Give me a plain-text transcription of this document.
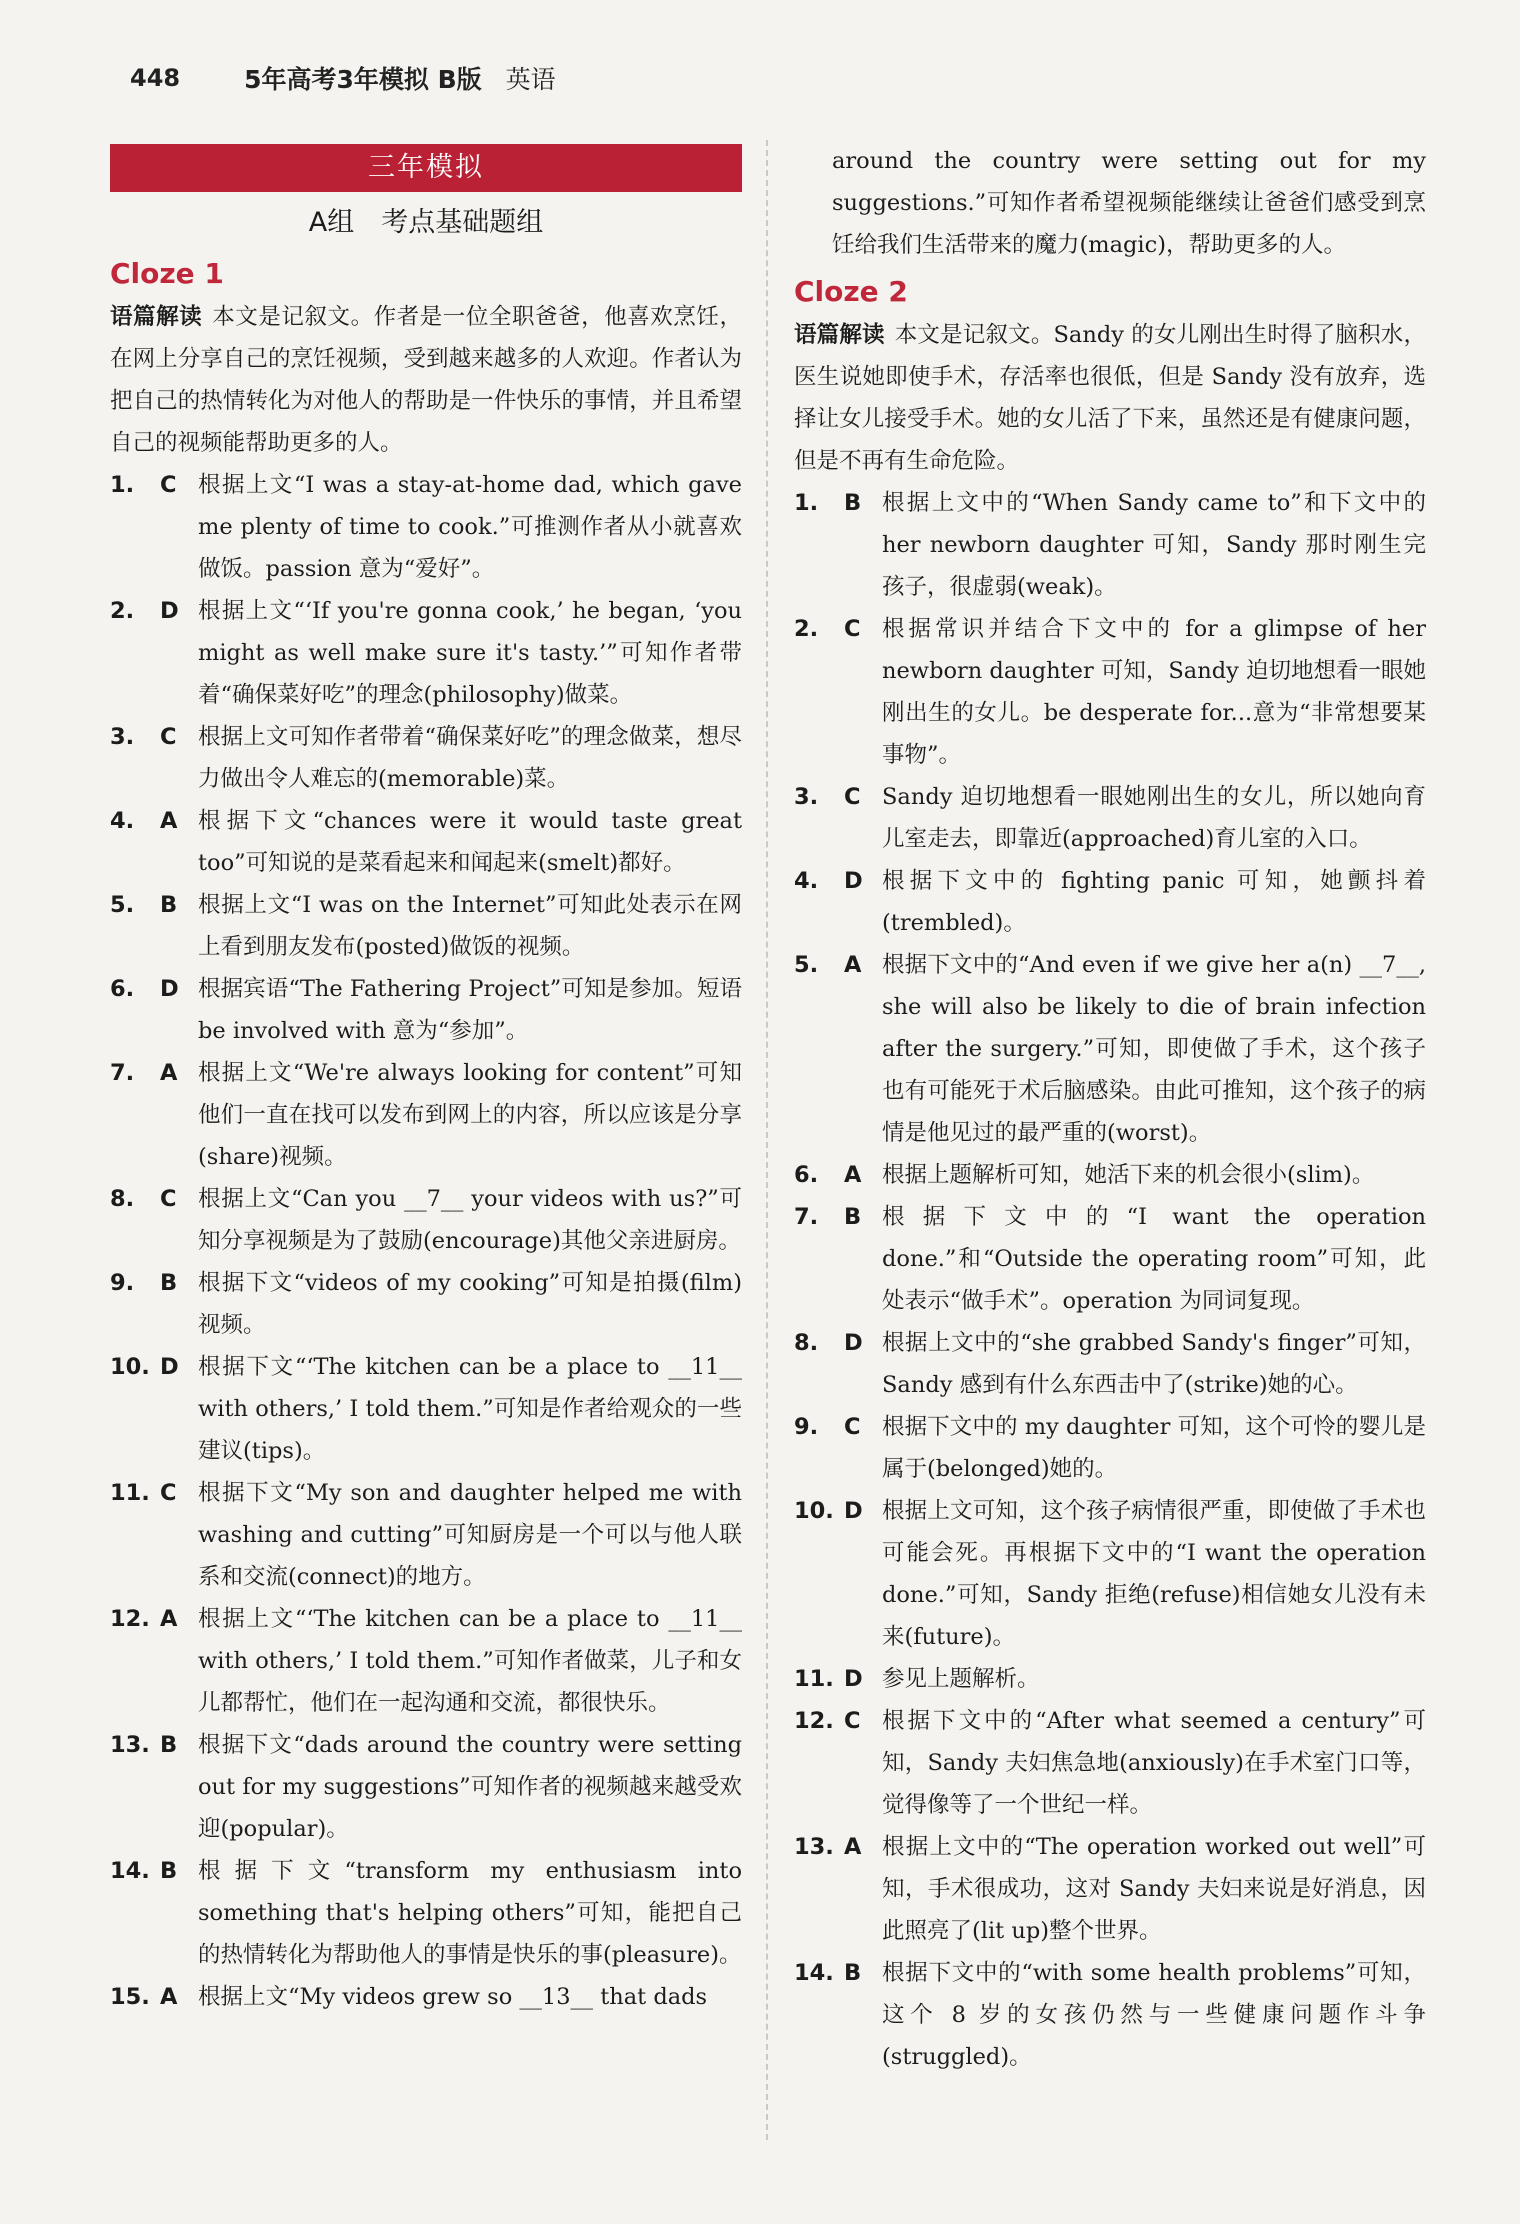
448	5年高考3年模拟 B版 英语
三年模拟
A组　考点基础题组
Cloze 1
语篇解读 本文是记叙文。作者是一位全职爸爸，他喜欢烹饪，在网上分享自己的烹饪视频，受到越来越多的人欢迎。作者认为把自己的热情转化为对他人的帮助是一件快乐的事情，并且希望自己的视频能帮助更多的人。
1.	C 根据上文“I was a stay-at-home dad, which gave me plenty of time to cook.”可推测作者从小就喜欢做饭。passion 意为“爱好”。
2.	D 根据上文“‘If you're gonna cook,’ he began, ‘you might as well make sure it's tasty.’”可知作者带着“确保菜好吃”的理念(philosophy)做菜。
3.	C 根据上文可知作者带着“确保菜好吃”的理念做菜，想尽力做出令人难忘的(memorable)菜。
4.	A 根据下文“chances were it would taste great too”可知说的是菜看起来和闻起来(smelt)都好。
5.	B 根据上文“I was on the Internet”可知此处表示在网上看到朋友发布(posted)做饭的视频。
6.	D 根据宾语“The Fathering Project”可知是参加。短语 be involved with 意为“参加”。
7.	A 根据上文“We're always looking for content”可知他们一直在找可以发布到网上的内容，所以应该是分享(share)视频。
8.	C 根据上文“Can you __7__ your videos with us?”可知分享视频是为了鼓励(encourage)其他父亲进厨房。
9.	B 根据下文“videos of my cooking”可知是拍摄(film)视频。
10. D 根据下文“‘The kitchen can be a place to __11__ with others,’ I told them.”可知是作者给观众的一些建议(tips)。
11. C 根据下文“My son and daughter helped me with washing and cutting”可知厨房是一个可以与他人联系和交流(connect)的地方。
12. A 根据上文“‘The kitchen can be a place to __11__ with others,’ I told them.”可知作者做菜，儿子和女儿都帮忙，他们在一起沟通和交流，都很快乐。
13. B 根据下文“dads around the country were setting out for my suggestions”可知作者的视频越来越受欢迎(popular)。
14. B 根据下文“transform my enthusiasm into something that's helping others”可知，能把自己的热情转化为帮助他人的事情是快乐的事(pleasure)。
15. A 根据上文“My videos grew so __13__ that dads
around the country were setting out for my suggestions.”可知作者希望视频能继续让爸爸们感受到烹饪给我们生活带来的魔力(magic)，帮助更多的人。
Cloze 2
语篇解读 本文是记叙文。Sandy 的女儿刚出生时得了脑积水，医生说她即使手术，存活率也很低，但是 Sandy 没有放弃，选择让女儿接受手术。她的女儿活了下来，虽然还是有健康问题，但是不再有生命危险。
1.	B 根据上文中的“When Sandy came to”和下文中的 her newborn daughter 可知，Sandy 那时刚生完孩子，很虚弱(weak)。
2.	C 根据常识并结合下文中的 for a glimpse of her newborn daughter 可知，Sandy 迫切地想看一眼她刚出生的女儿。be desperate for...意为“非常想要某事物”。
3.	C Sandy 迫切地想看一眼她刚出生的女儿，所以她向育儿室走去，即靠近(approached)育儿室的入口。
4.	D 根据下文中的 fighting panic 可知，她颤抖着(trembled)。
5.	A 根据下文中的“And even if we give her a(n) __7__, she will also be likely to die of brain infection after the surgery.”可知，即使做了手术，这个孩子也有可能死于术后脑感染。由此可推知，这个孩子的病情是他见过的最严重的(worst)。
6.	A 根据上题解析可知，她活下来的机会很小(slim)。
7.	B 根据下文中的“I want the operation done.”和“Outside the operating room”可知，此处表示“做手术”。operation 为同词复现。
8.	D 根据上文中的“she grabbed Sandy's finger”可知，Sandy 感到有什么东西击中了(strike)她的心。
9.	C 根据下文中的 my daughter 可知，这个可怜的婴儿是属于(belonged)她的。
10. D 根据上文可知，这个孩子病情很严重，即使做了手术也可能会死。再根据下文中的“I want the operation done.”可知，Sandy 拒绝(refuse)相信她女儿没有未来(future)。
11. D 参见上题解析。
12. C 根据下文中的“After what seemed a century”可知，Sandy 夫妇焦急地(anxiously)在手术室门口等，觉得像等了一个世纪一样。
13. A 根据上文中的“The operation worked out well”可知，手术很成功，这对 Sandy 夫妇来说是好消息，因此照亮了(lit up)整个世界。
14. B 根据下文中的“with some health problems”可知，这个 8 岁的女孩仍然与一些健康问题作斗争(struggled)。
